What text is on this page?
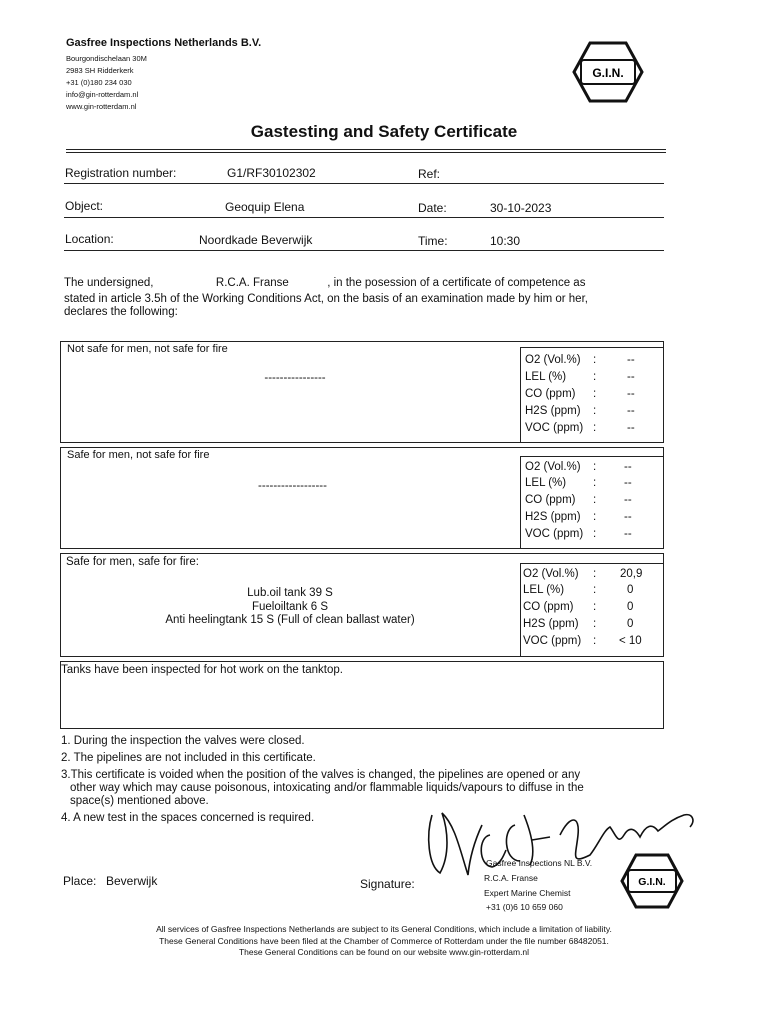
Gasfree Inspections Netherlands B.V.
Bourgondischelaan 30M
2983 SH Ridderkerk
+31 (0)180 234 030
info@gin-rotterdam.nl
www.gin-rotterdam.nl
G.I.N.
Gastesting and Safety Certificate
Registration number:	G1/RF30102302	Ref:
Object:	Geoquip Elena	Date:	30-10-2023
Location:	Noordkade Beverwijk	Time:	10:30
The undersigned,	R.C.A. Franse	, in the posession of a certificate of competence as
stated in article 3.5h of the Working Conditions Act, on the basis of an examination made by him or her,
declares the following:
Not safe for men, not safe for fire
----------------
O2 (Vol.%) :	--
LEL (%) :	--
CO (ppm) :	--
H2S (ppm) :	--
VOC (ppm) :	--
Safe for men, not safe for fire
------------------
O2 (Vol.%) : --
LEL (%) : --
CO (ppm) : --
H2S (ppm) : --
VOC (ppm) : --
Safe for men, safe for fire:
Lub.oil tank 39 S
Fueloiltank 6 S
Anti heelingtank 15 S (Full of clean ballast water)
O2 (Vol.%) : 20,9
LEL (%)	:	0
CO (ppm) :	0
H2S (ppm) :	0
VOC (ppm) : < 10
Tanks have been inspected for hot work on the tanktop.
1. During the inspection the valves were closed.
2. The pipelines are not included in this certificate.
3.This certificate is voided when the position of the valves is changed, the pipelines are opened or any
other way which may cause poisonous, intoxicating and/or flammable liquids/vapours to diffuse in the
space(s) mentioned above.
4. A new test in the spaces concerned is required.
Place: Beverwijk	Signature:
Gasfree Inspections NL B.V.
R.C.A. Franse
Expert Marine Chemist
+31 (0)6 10 659 060
G.I.N.
All services of Gasfree Inspections Netherlands are subject to its General Conditions, which include a limitation of liability.
These General Conditions have been filed at the Chamber of Commerce of Rotterdam under the file number 68482051.
These General Conditions can be found on our website www.gin-rotterdam.nl
